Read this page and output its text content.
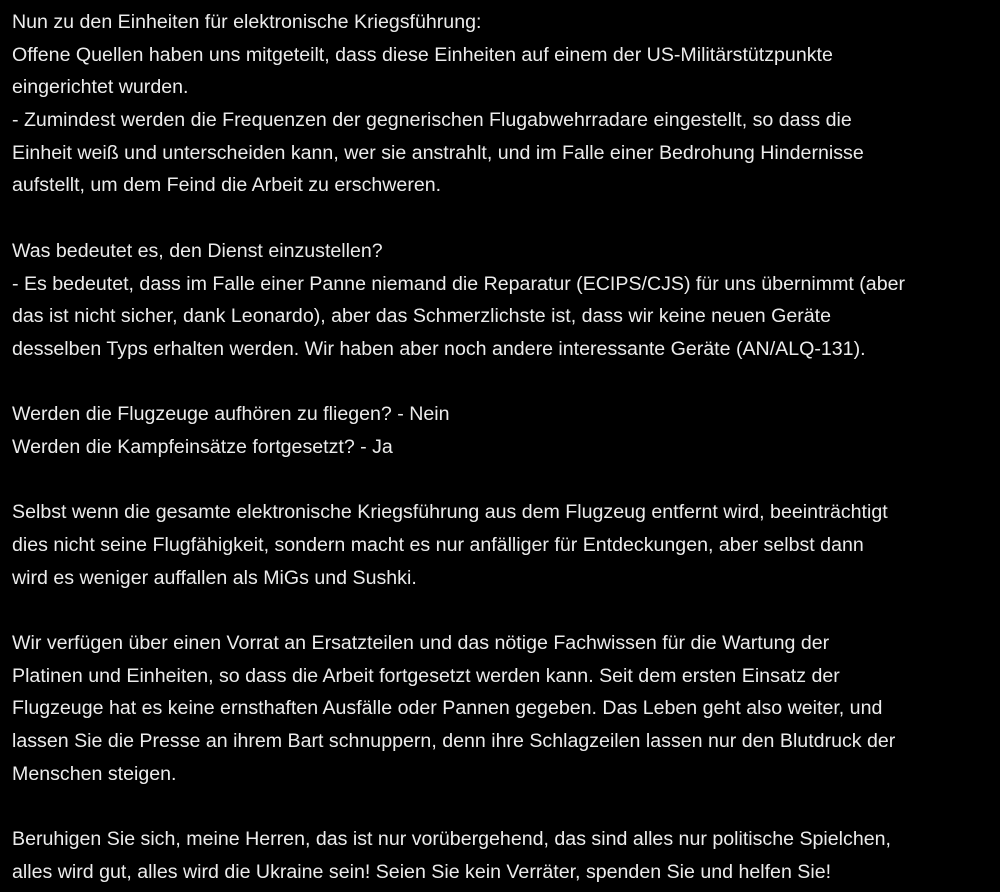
Nun zu den Einheiten für elektronische Kriegsführung:
Offene Quellen haben uns mitgeteilt, dass diese Einheiten auf einem der US-Militärstützpunkte
eingerichtet wurden.
- Zumindest werden die Frequenzen der gegnerischen Flugabwehrradare eingestellt, so dass die
Einheit weiß und unterscheiden kann, wer sie anstrahlt, und im Falle einer Bedrohung Hindernisse
aufstellt, um dem Feind die Arbeit zu erschweren.
Was bedeutet es, den Dienst einzustellen?
- Es bedeutet, dass im Falle einer Panne niemand die Reparatur (ECIPS/CJS) für uns übernimmt (aber
das ist nicht sicher, dank Leonardo), aber das Schmerzlichste ist, dass wir keine neuen Geräte
desselben Typs erhalten werden. Wir haben aber noch andere interessante Geräte (AN/ALQ-131).
Werden die Flugzeuge aufhören zu fliegen? - Nein
Werden die Kampfeinsätze fortgesetzt? - Ja
Selbst wenn die gesamte elektronische Kriegsführung aus dem Flugzeug entfernt wird, beeinträchtigt
dies nicht seine Flugfähigkeit, sondern macht es nur anfälliger für Entdeckungen, aber selbst dann
wird es weniger auffallen als MiGs und Sushki.
Wir verfügen über einen Vorrat an Ersatzteilen und das nötige Fachwissen für die Wartung der
Platinen und Einheiten, so dass die Arbeit fortgesetzt werden kann. Seit dem ersten Einsatz der
Flugzeuge hat es keine ernsthaften Ausfälle oder Pannen gegeben. Das Leben geht also weiter, und
lassen Sie die Presse an ihrem Bart schnuppern, denn ihre Schlagzeilen lassen nur den Blutdruck der
Menschen steigen.
Beruhigen Sie sich, meine Herren, das ist nur vorübergehend, das sind alles nur politische Spielchen,
alles wird gut, alles wird die Ukraine sein! Seien Sie kein Verräter, spenden Sie und helfen Sie!
